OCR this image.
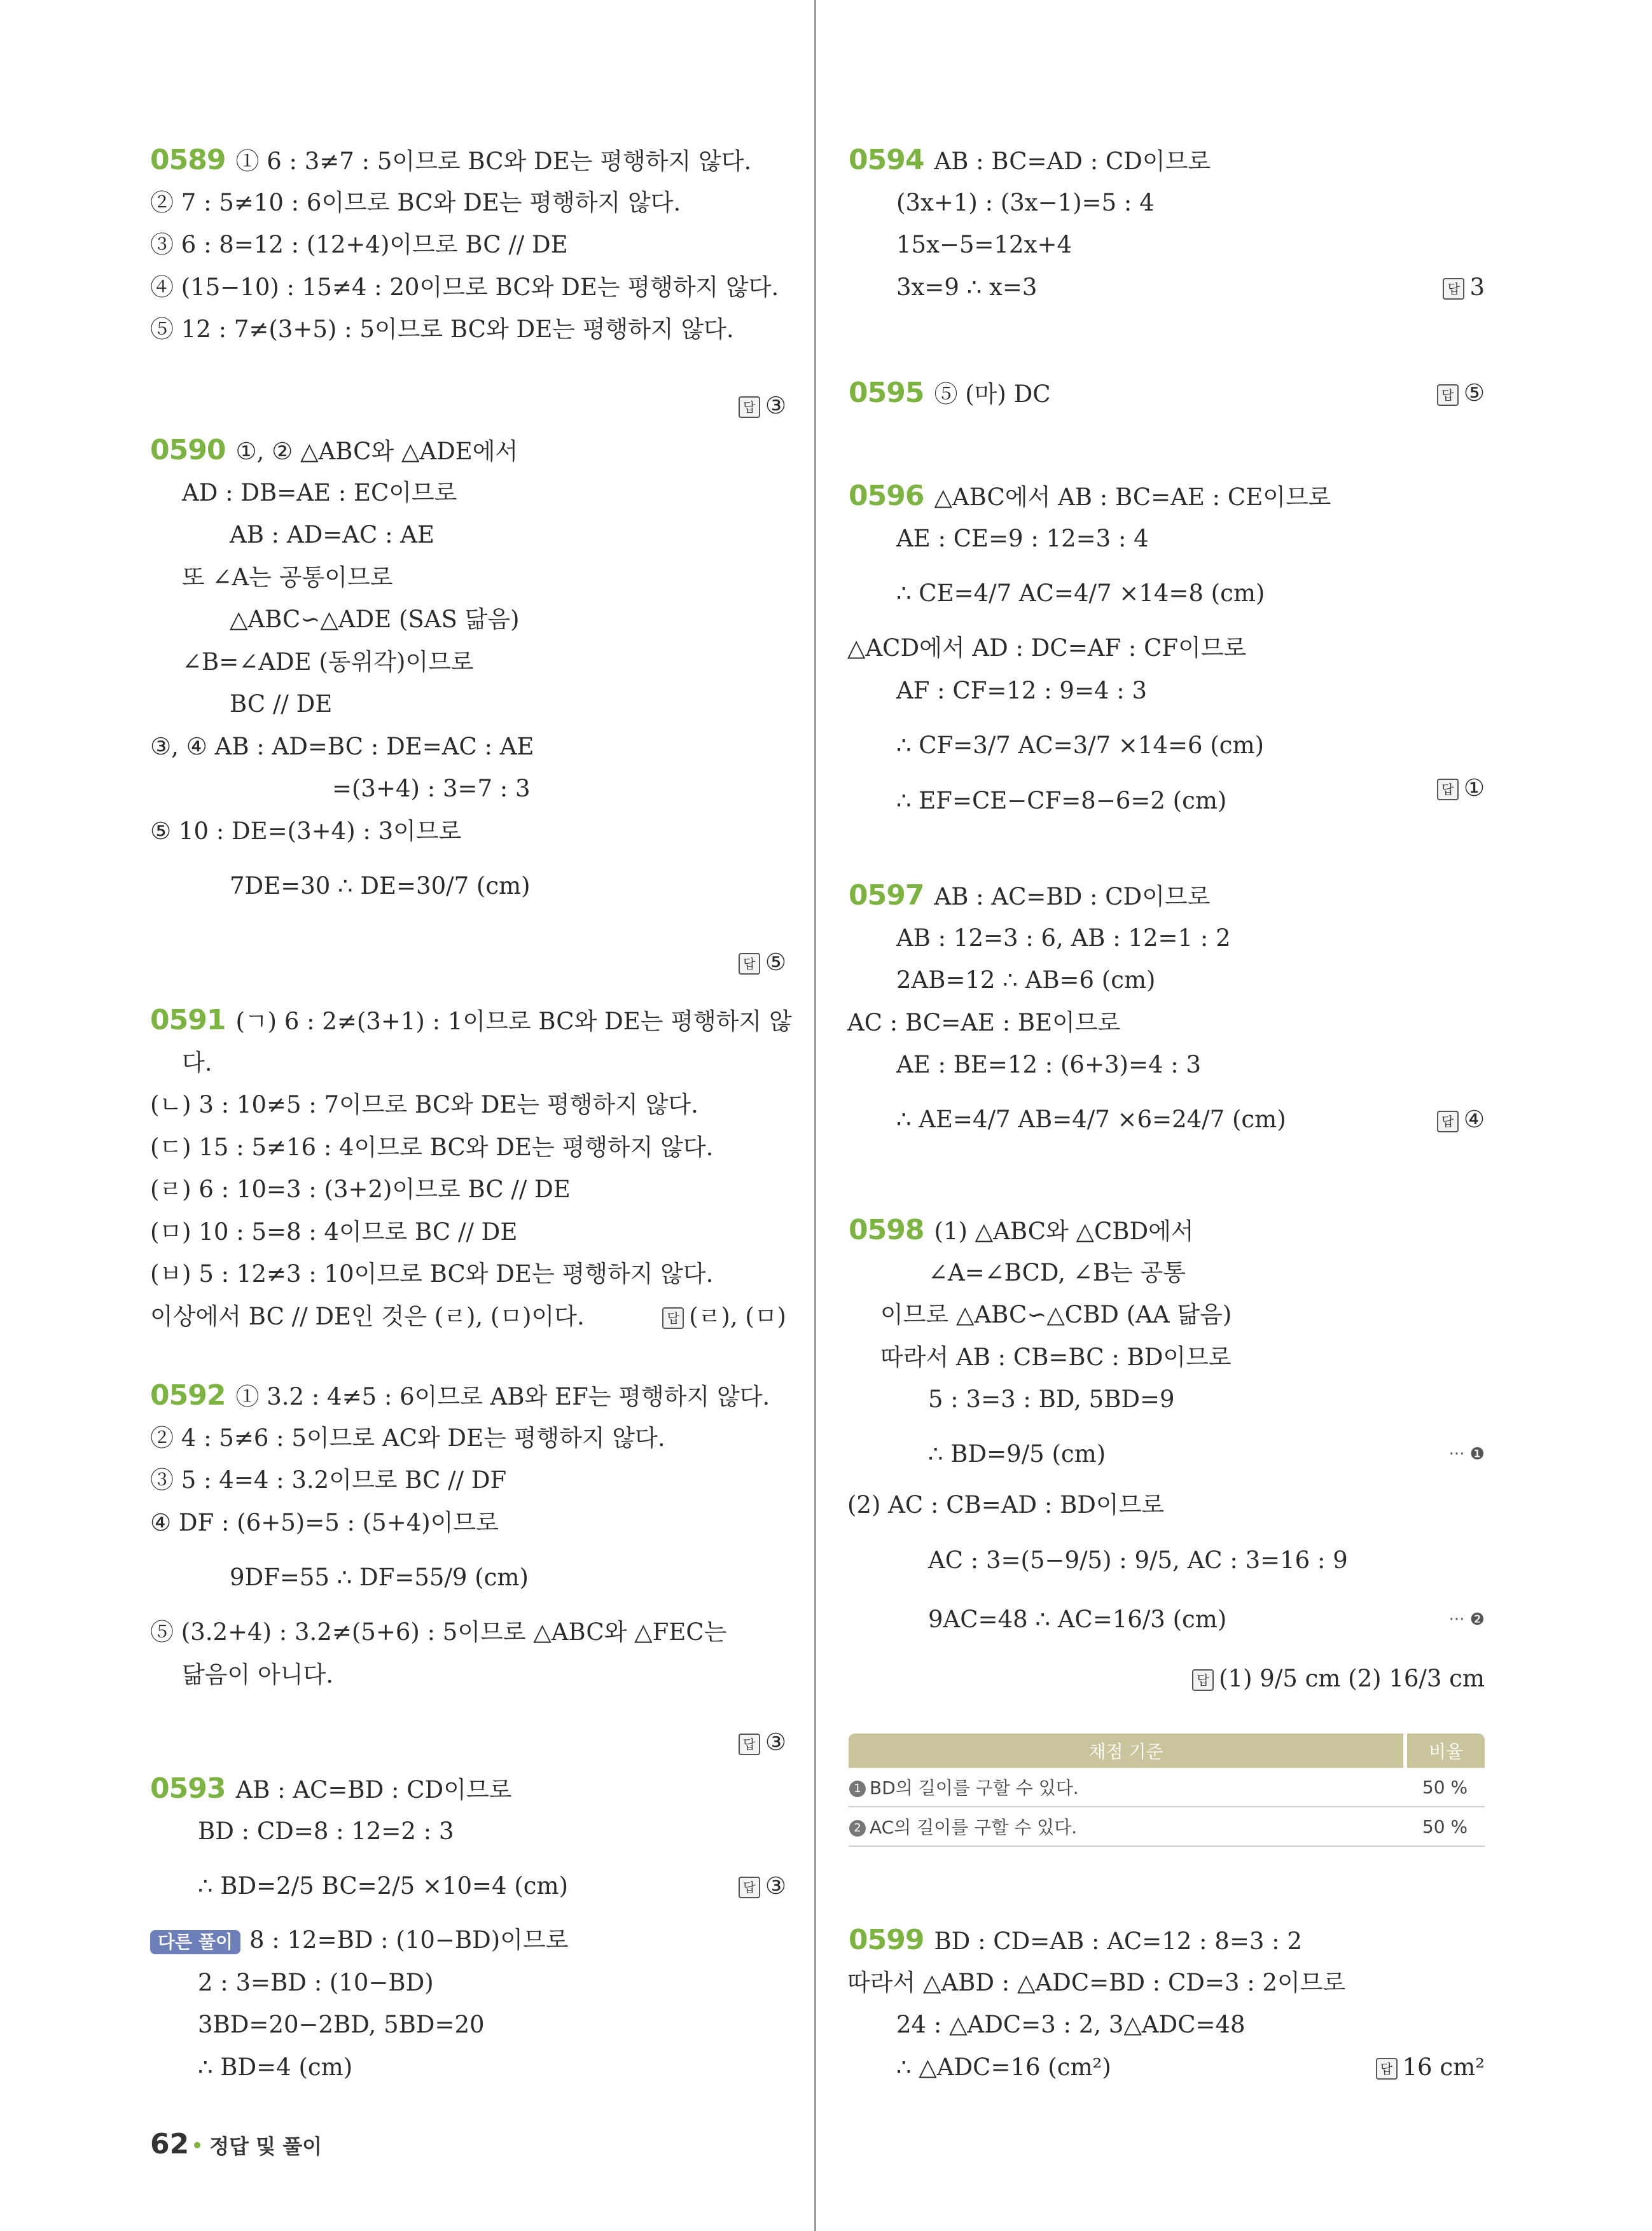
0589 ① 6 : 3≠7 : 5이므로 BC와 DE는 평행하지 않다.
② 7 : 5≠10 : 6이므로 BC와 DE는 평행하지 않다.
③ 6 : 8=12 : (12+4)이므로 BC // DE
④ (15−10) : 15≠4 : 20이므로 BC와 DE는 평행하지 않다.
⑤ 12 : 7≠(3+5) : 5이므로 BC와 DE는 평행하지 않다.
답 ③
0590 ①, ② △ABC와 △ADE에서
AD : DB=AE : EC이므로
AB : AD=AC : AE
또 ∠A는 공통이므로
△ABC∽△ADE (SAS 닮음)
∠B=∠ADE (동위각)이므로
BC // DE
③, ④ AB : AD=BC : DE=AC : AE
=(3+4) : 3=7 : 3
⑤ 10 : DE=(3+4) : 3이므로
7DE=30 ∴ DE=30/7 (cm)
답 ⑤
0591 (ㄱ) 6 : 2≠(3+1) : 1이므로 BC와 DE는 평행하지 않
다.
(ㄴ) 3 : 10≠5 : 7이므로 BC와 DE는 평행하지 않다.
(ㄷ) 15 : 5≠16 : 4이므로 BC와 DE는 평행하지 않다.
(ㄹ) 6 : 10=3 : (3+2)이므로 BC // DE
(ㅁ) 10 : 5=8 : 4이므로 BC // DE
(ㅂ) 5 : 12≠3 : 10이므로 BC와 DE는 평행하지 않다.
이상에서 BC // DE인 것은 (ㄹ), (ㅁ)이다.	답 (ㄹ), (ㅁ)
0592 ① 3.2 : 4≠5 : 6이므로 AB와 EF는 평행하지 않다.
② 4 : 5≠6 : 5이므로 AC와 DE는 평행하지 않다.
③ 5 : 4=4 : 3.2이므로 BC // DF
④ DF : (6+5)=5 : (5+4)이므로
9DF=55 ∴ DF=55/9 (cm)
⑤ (3.2+4) : 3.2≠(5+6) : 5이므로 △ABC와 △FEC는
닮음이 아니다.
답 ③
0593 AB : AC=BD : CD이므로
BD : CD=8 : 12=2 : 3
∴ BD=2/5 BC=2/5 ×10=4 (cm)	답 ③
다른 풀이 8 : 12=BD : (10−BD)이므로
2 : 3=BD : (10−BD)
3BD=20−2BD, 5BD=20
∴ BD=4 (cm)
0594 AB : BC=AD : CD이므로
(3x+1) : (3x−1)=5 : 4
15x−5=12x+4
3x=9 ∴ x=3	답 3
0595 ⑤ (마) DC	답 ⑤
0596 △ABC에서 AB : BC=AE : CE이므로
AE : CE=9 : 12=3 : 4
∴ CE=4/7 AC=4/7 ×14=8 (cm)
△ACD에서 AD : DC=AF : CF이므로
AF : CF=12 : 9=4 : 3
∴ CF=3/7 AC=3/7 ×14=6 (cm)
∴ EF=CE−CF=8−6=2 (cm)	답 ①
0597 AB : AC=BD : CD이므로
AB : 12=3 : 6, AB : 12=1 : 2
2AB=12 ∴ AB=6 (cm)
AC : BC=AE : BE이므로
AE : BE=12 : (6+3)=4 : 3
∴ AE=4/7 AB=4/7 ×6=24/7 (cm)	답 ④
0598 (1) △ABC와 △CBD에서
∠A=∠BCD, ∠B는 공통
이므로 △ABC∽△CBD (AA 닮음)
따라서 AB : CB=BC : BD이므로
5 : 3=3 : BD, 5BD=9
∴ BD=9/5 (cm)	··· ❶
(2) AC : CB=AD : BD이므로
AC : 3=(5−9/5) : 9/5, AC : 3=16 : 9
9AC=48 ∴ AC=16/3 (cm)	··· ❷
답 (1) 9/5 cm (2) 16/3 cm
0599 BD : CD=AB : AC=12 : 8=3 : 2
따라서 △ABD : △ADC=BD : CD=3 : 2이므로
24 : △ADC=3 : 2, 3△ADC=48
∴ △ADC=16 (cm²)	답 16 cm²
채점 기준	비율
1 BD의 길이를 구할 수 있다.	50 %
2 AC의 길이를 구할 수 있다.	50 %
62 정답 및 풀이
